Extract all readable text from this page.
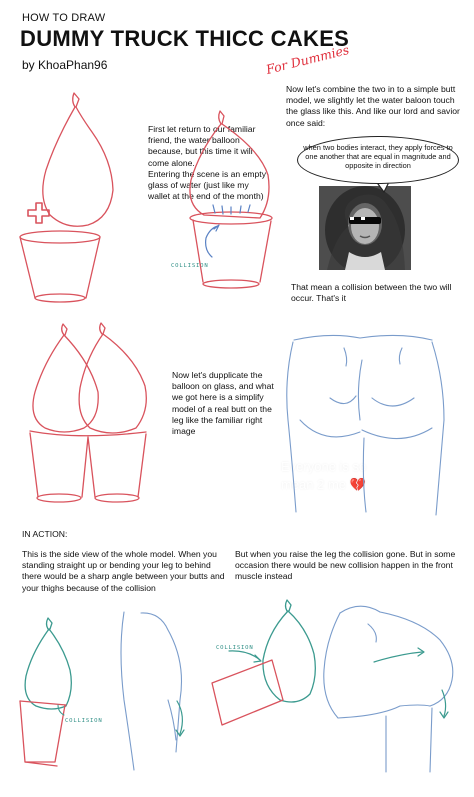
HOW TO DRAW
DUMMY TRUCK THICC CAKES
by KhoaPhan96	For Dummies
First let return to our familiar friend, the water balloon because, but this time it will come alone.
Entering the scene is an empty glass of water (just like my wallet at the end of the month)
Now let's combine the two in to a simple butt model, we slightly let the water baloon touch the glass like this. And like our lord and savior once said:
when two bodies interact, they apply forces to one another that are equal in magnitude and opposite in direction
That mean a collision between the two will occur. That's it
Now let's dupplicate the balloon on glass, and what we got here is a simplify model of a real butt on the leg like the familiar right image
Everyone is so mean 2 me 💔
IN ACTION:
This is the side view of the whole model. When you standing straight up or bending your leg to behind there would be a sharp angle between your butts and your thighs because of the collision
But when you raise the leg the collision gone. But in some occasion there would be new collision happen in the front muscle instead
COLLISION
COLLISION
COLLISION
